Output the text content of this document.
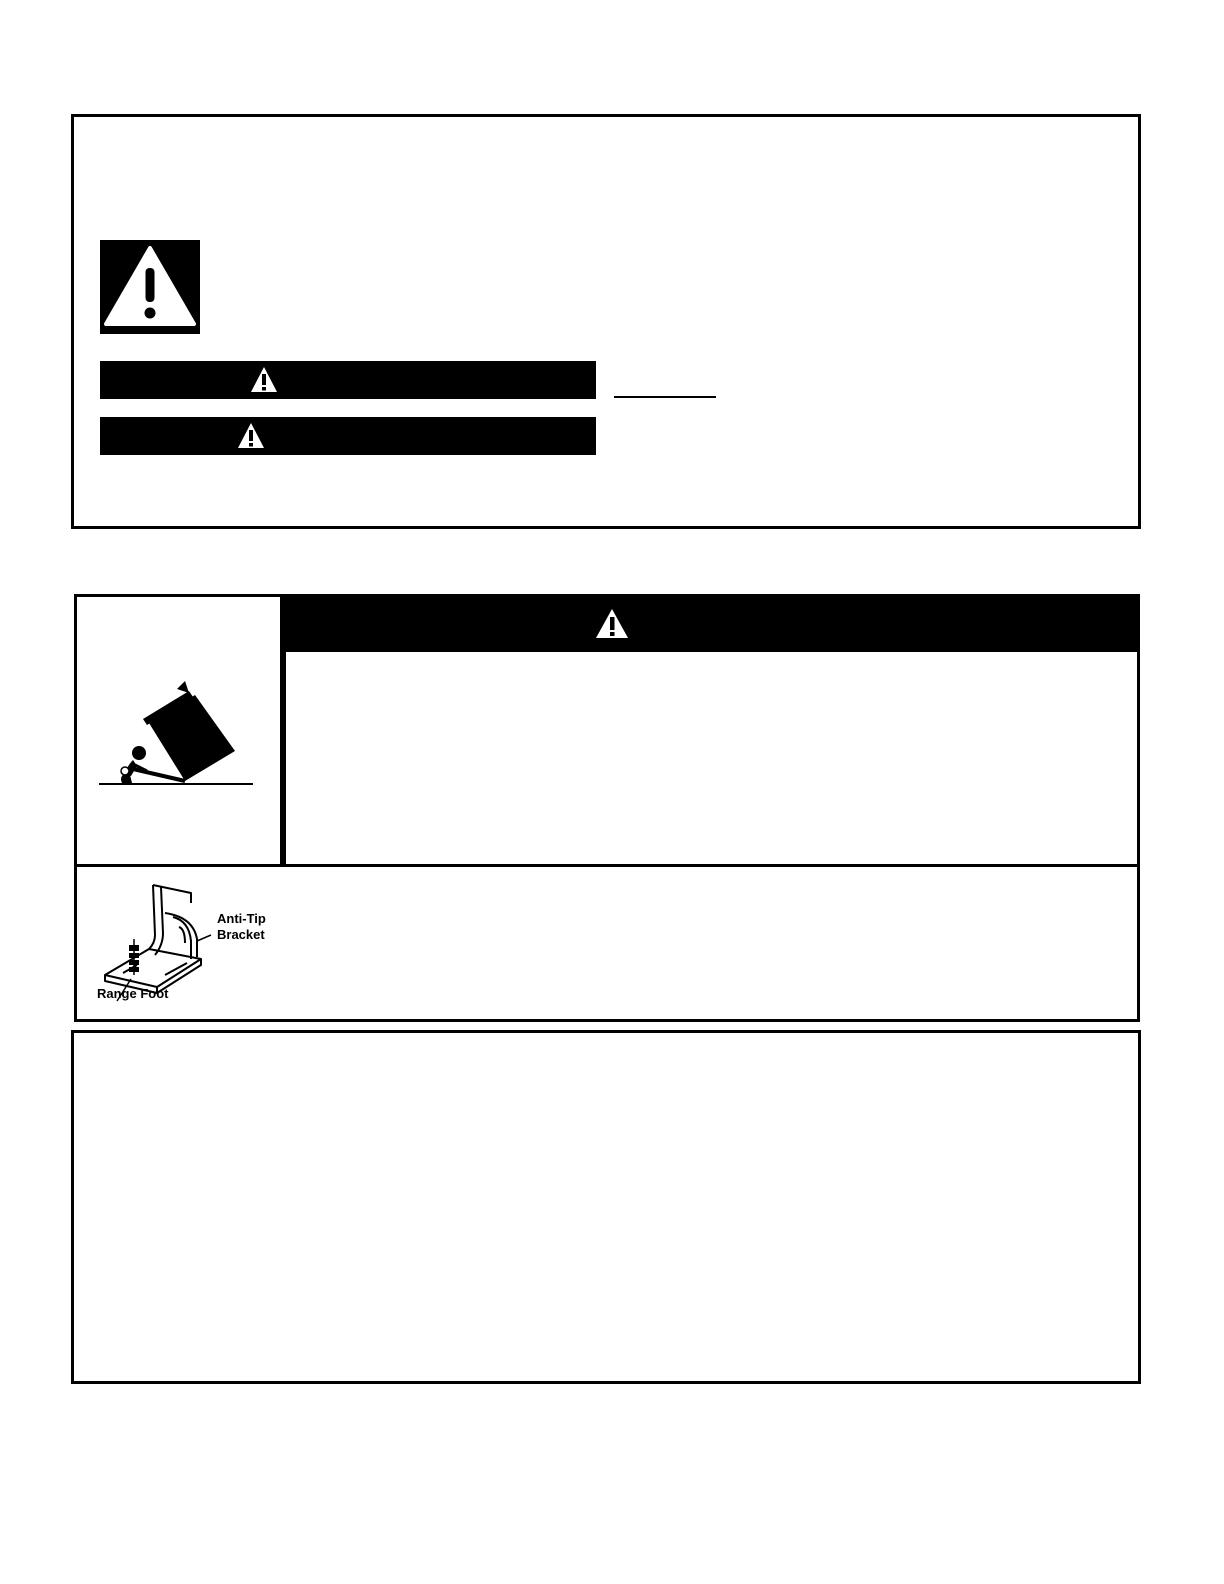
Anti-Tip
Bracket
Range Foot
